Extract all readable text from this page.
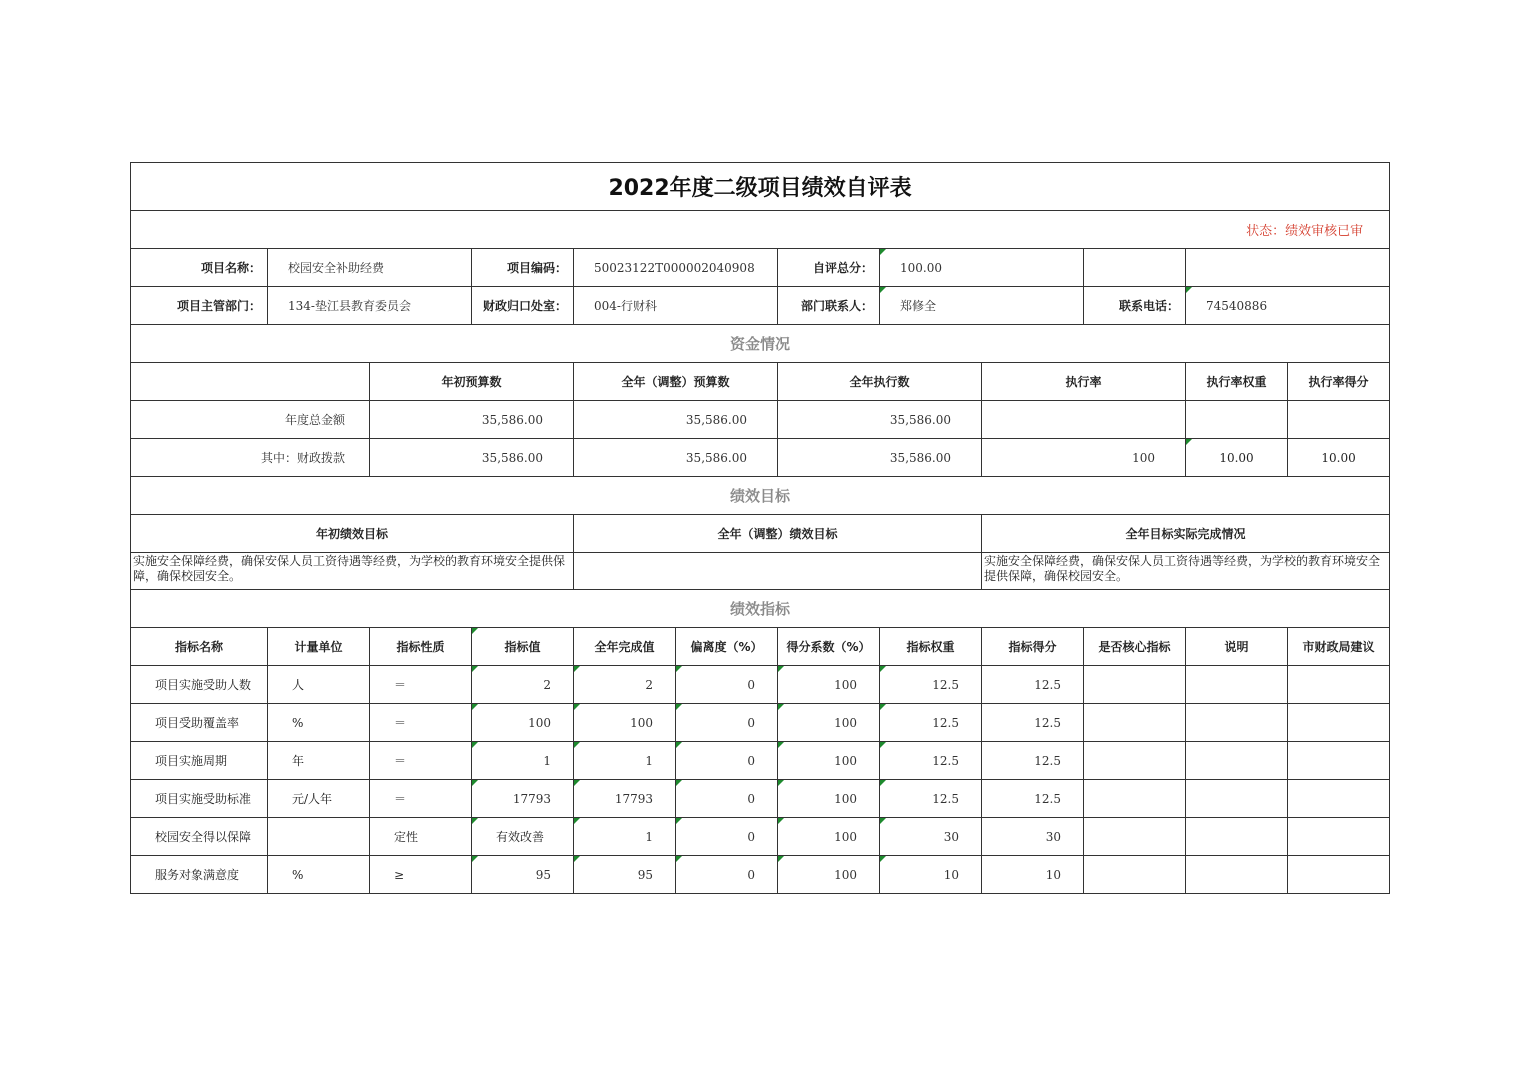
2022年度二级项目绩效自评表											
状态：绩效审核已审											
项目名称：	校园安全补助经费		项目编码：	50023122T000002040908		自评总分：	100.00				
项目主管部门：	134-垫江县教育委员会		财政归口处室：	004-行财科		部门联系人：	郑修全		联系电话：	74540886	
资金情况											
		年初预算数		全年（调整）预算数		全年执行数		执行率		执行率权重	执行率得分
年度总金额		35,586.00		35,586.00		35,586.00					
其中：财政拨款		35,586.00		35,586.00		35,586.00		100		10.00	10.00
绩效目标											
年初绩效目标				全年（调整）绩效目标				全年目标实际完成情况			
实施安全保障经费，确保安保人员工资待遇等经费，为学校的教育环境安全提供保障，确保校园安全。								实施安全保障经费，确保安保人员工资待遇等经费，为学校的教育环境安全提供保障，确保校园安全。			
绩效指标											
指标名称	计量单位	指标性质	指标值	全年完成值	偏离度（%）	得分系数（%）	指标权重	指标得分	是否核心指标	说明	市财政局建议
项目实施受助人数	人	＝	2	2	0	100	12.5	12.5			
项目受助覆盖率	%	＝	100	100	0	100	12.5	12.5			
项目实施周期	年	＝	1	1	0	100	12.5	12.5			
项目实施受助标准	元/人年	＝	17793	17793	0	100	12.5	12.5			
校园安全得以保障		定性	有效改善	1	0	100	30	30			
服务对象满意度	%	≥	95	95	0	100	10	10			
